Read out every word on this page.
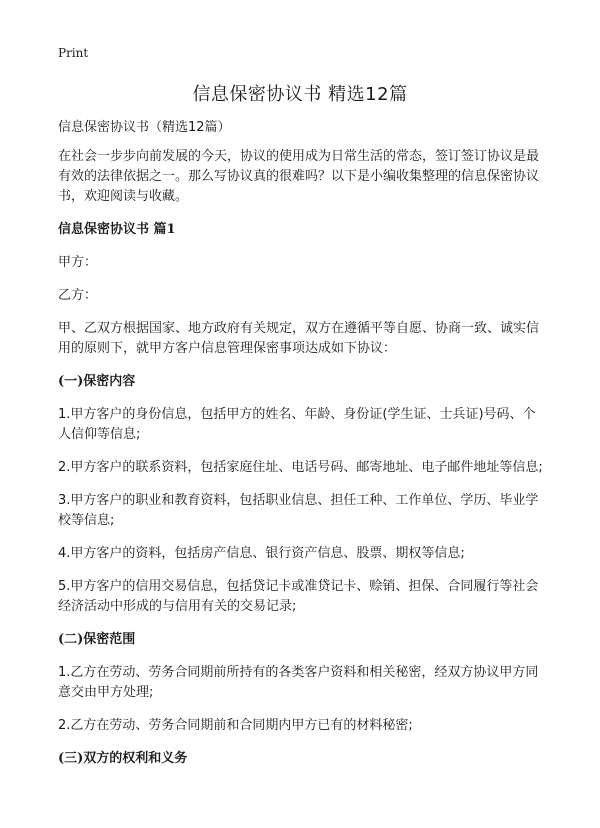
Print
信息保密协议书 精选12篇

信息保密协议书（精选12篇）

在社会一步步向前发展的今天，协议的使用成为日常生活的常态，签订签订协议是最有效的法律依据之一。那么写协议真的很难吗？以下是小编收集整理的信息保密协议书，欢迎阅读与收藏。

信息保密协议书 篇1

甲方：

乙方：

甲、乙双方根据国家、地方政府有关规定，双方在遵循平等自愿、协商一致、诚实信用的原则下，就甲方客户信息管理保密事项达成如下协议：

(一)保密内容

1.甲方客户的身份信息，包括甲方的姓名、年龄、身份证(学生证、士兵证)号码、个人信仰等信息;

2.甲方客户的联系资料，包括家庭住址、电话号码、邮寄地址、电子邮件地址等信息;

3.甲方客户的职业和教育资料，包括职业信息、担任工种、工作单位、学历、毕业学校等信息;

4.甲方客户的资料，包括房产信息、银行资产信息、股票、期权等信息;

5.甲方客户的信用交易信息，包括贷记卡或准贷记卡、赊销、担保、合同履行等社会经济活动中形成的与信用有关的交易记录;

(二)保密范围

1.乙方在劳动、劳务合同期前所持有的各类客户资料和相关秘密，经双方协议甲方同意交由甲方处理;

2.乙方在劳动、劳务合同期前和合同期内甲方已有的材料秘密;

(三)双方的权利和义务
